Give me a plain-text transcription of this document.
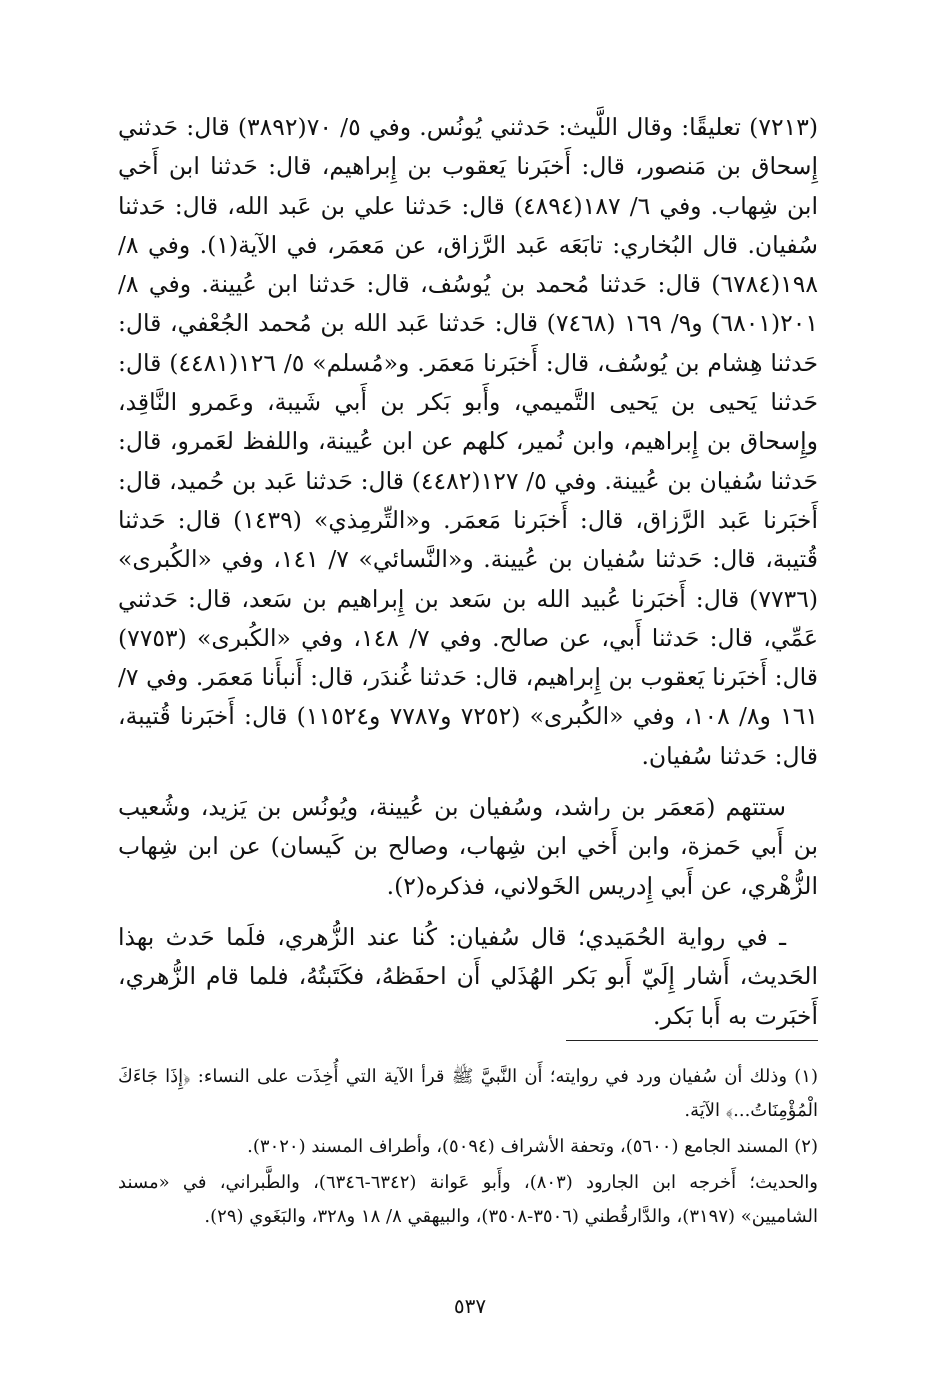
(٧٢١٣) تعليقًا: وقال اللَّيث: حَدثني يُونُس. وفي ٥/ ٧٠(٣٨٩٢) قال: حَدثني إِسحاق بن مَنصور، قال: أَخبَرنا يَعقوب بن إِبراهيم، قال: حَدثنا ابن أَخي ابن شِهاب. وفي ٦/ ١٨٧(٤٨٩٤) قال: حَدثنا علي بن عَبد الله، قال: حَدثنا سُفيان. قال البُخاري: تابَعَه عَبد الرَّزاق، عن مَعمَر، في الآية(١). وفي ٨/ ١٩٨(٦٧٨٤) قال: حَدثنا مُحمد بن يُوسُف، قال: حَدثنا ابن عُيينة. وفي ٨/ ٢٠١(٦٨٠١) و٩/ ١٦٩ (٧٤٦٨) قال: حَدثنا عَبد الله بن مُحمد الجُعْفي، قال: حَدثنا هِشام بن يُوسُف، قال: أَخبَرنا مَعمَر. و«مُسلم» ٥/ ١٢٦(٤٤٨١) قال: حَدثنا يَحيى بن يَحيى التَّميمي، وأَبو بَكر بن أَبي شَيبة، وعَمرو النَّاقِد، وإِسحاق بن إِبراهيم، وابن نُمير، كلهم عن ابن عُيينة، واللفظ لعَمرو، قال: حَدثنا سُفيان بن عُيينة. وفي ٥/ ١٢٧(٤٤٨٢) قال: حَدثنا عَبد بن حُميد، قال: أَخبَرنا عَبد الرَّزاق، قال: أَخبَرنا مَعمَر. و«التِّرمِذي» (١٤٣٩) قال: حَدثنا قُتيبة، قال: حَدثنا سُفيان بن عُيينة. و«النَّسائي» ٧/ ١٤١، وفي «الكُبرى» (٧٧٣٦) قال: أَخبَرنا عُبيد الله بن سَعد بن إِبراهيم بن سَعد، قال: حَدثني عَمِّي، قال: حَدثنا أَبي، عن صالح. وفي ٧/ ١٤٨، وفي «الكُبرى» (٧٧٥٣) قال: أَخبَرنا يَعقوب بن إِبراهيم، قال: حَدثنا غُندَر، قال: أَنبأَنا مَعمَر. وفي ٧/ ١٦١ و٨/ ١٠٨، وفي «الكُبرى» (٧٢٥٢ و٧٧٨٧ و١١٥٢٤) قال: أَخبَرنا قُتيبة، قال: حَدثنا سُفيان.

ستتهم (مَعمَر بن راشد، وسُفيان بن عُيينة، ويُونُس بن يَزيد، وشُعيب بن أَبي حَمزة، وابن أَخي ابن شِهاب، وصالح بن كَيسان) عن ابن شِهاب الزُّهْري، عن أَبي إِدريس الخَولاني، فذكره(٢).

ـ في رواية الحُمَيدي؛ قال سُفيان: كُنا عند الزُّهري، فلَما حَدث بهذا الحَديث، أَشار إِلَيّ أَبو بَكر الهُذَلي أَن احفَظهُ، فكَتَبتُهُ، فلما قام الزُّهري، أَخبَرت به أَبا بَكر.

(١) وذلك أن سُفيان ورد في روايته؛ أَن النَّبيَّ ﷺ قرأ الآية التي أُخِذَت على النساء: ﴿إِذَا جَاءَكَ الْمُؤْمِنَاتُ...﴾ الآيَة.

(٢) المسند الجامع (٥٦٠٠)، وتحفة الأشراف (٥٠٩٤)، وأطراف المسند (٣٠٢٠).

والحديث؛ أَخرجه ابن الجارود (٨٠٣)، وأَبو عَوانة (٦٣٤٢-٦٣٤٦)، والطَّبراني، في «مسند الشاميين» (٣١٩٧)، والدَّارقُطني (٣٥٠٦-٣٥٠٨)، والبيهقي ٨/ ١٨ و٣٢٨، والبَغَوي (٢٩).

٥٣٧
